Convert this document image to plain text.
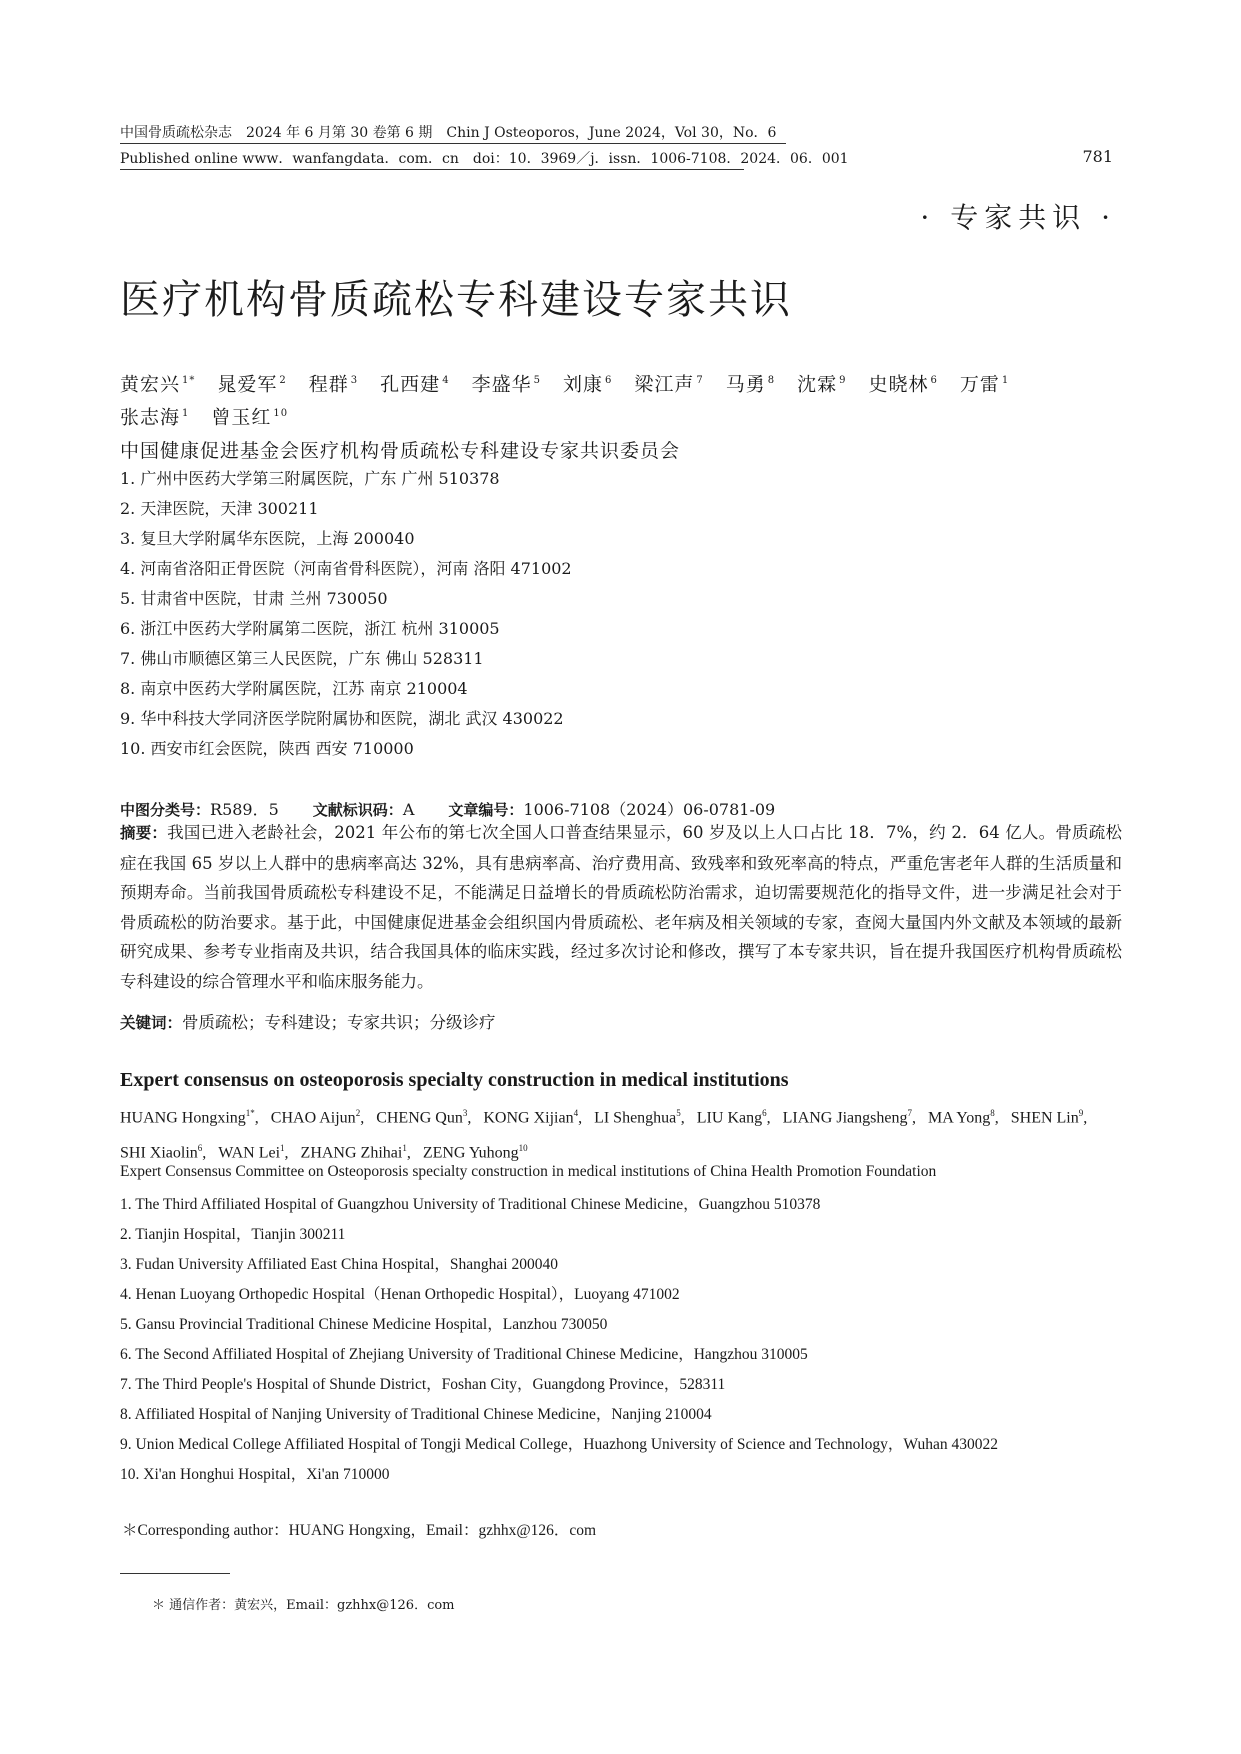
中国骨质疏松杂志　2024 年 6 月第 30 卷第 6 期　Chin J Osteoporos，June 2024，Vol 30，No．6
Published online www．wanfangdata．com．cn　doi：10．3969／j．issn．1006-7108．2024．06．001	781
· 专家共识 ·
医疗机构骨质疏松专科建设专家共识
黄宏兴 $^{1*}$ 晁爱军 $^2$ 程群 $^3$ 孔西建 $^4$ 李盛华 $^5$ 刘康 $^6$ 梁江声 $^7$ 马勇 $^8$ 沈霖 $^9$ 史晓林 $^6$ 万雷 $^1$张志海 $^1$ 曾玉红 $^{10}$
中国健康促进基金会医疗机构骨质疏松专科建设专家共识委员会
1. 广州中医药大学第三附属医院，广东 广州 510378
2. 天津医院，天津 300211
3. 复旦大学附属华东医院，上海 200040
4. 河南省洛阳正骨医院（河南省骨科医院），河南 洛阳 471002
5. 甘肃省中医院，甘肃 兰州 730050
6. 浙江中医药大学附属第二医院，浙江 杭州 310005
7. 佛山市顺德区第三人民医院，广东 佛山 528311
8. 南京中医药大学附属医院，江苏 南京 210004
9. 华中科技大学同济医学院附属协和医院，湖北 武汉 430022
10. 西安市红会医院，陕西 西安 710000
中图分类号：R589．5 文献标识码：A 文章编号：1006-7108（2024）06-0781-09
摘要：我国已进入老龄社会，2021 年公布的第七次全国人口普查结果显示，60 岁及以上人口占比 18．7%，约 2．64 亿人。骨质疏松症在我国 65 岁以上人群中的患病率高达 32%，具有患病率高、治疗费用高、致残率和致死率高的特点，严重危害老年人群的生活质量和预期寿命。当前我国骨质疏松专科建设不足，不能满足日益增长的骨质疏松防治需求，迫切需要规范化的指导文件，进一步满足社会对于骨质疏松的防治要求。基于此，中国健康促进基金会组织国内骨质疏松、老年病及相关领域的专家，查阅大量国内外文献及本领域的最新研究成果、参考专业指南及共识，结合我国具体的临床实践，经过多次讨论和修改，撰写了本专家共识，旨在提升我国医疗机构骨质疏松专科建设的综合管理水平和临床服务能力。
关键词：骨质疏松；专科建设；专家共识；分级诊疗
Expert consensus on osteoporosis specialty construction in medical institutions
HUANG Hongxing$^{1*}$, CHAO Aijun$^2$, CHENG Qun$^3$, KONG Xijian$^4$, LI Shenghua$^5$, LIU Kang$^6$, LIANG Jiangsheng$^7$, MA Yong$^8$, SHEN Lin$^9$,SHI Xiaolin$^6$, WAN Lei$^1$, ZHANG Zhihai$^1$, ZENG Yuhong$^{10}$
Expert Consensus Committee on Osteoporosis specialty construction in medical institutions of China Health Promotion Foundation
1. The Third Affiliated Hospital of Guangzhou University of Traditional Chinese Medicine，Guangzhou 510378
2. Tianjin Hospital，Tianjin 300211
3. Fudan University Affiliated East China Hospital，Shanghai 200040
4. Henan Luoyang Orthopedic Hospital（Henan Orthopedic Hospital），Luoyang 471002
5. Gansu Provincial Traditional Chinese Medicine Hospital，Lanzhou 730050
6. The Second Affiliated Hospital of Zhejiang University of Traditional Chinese Medicine，Hangzhou 310005
7. The Third People's Hospital of Shunde District，Foshan City，Guangdong Province，528311
8. Affiliated Hospital of Nanjing University of Traditional Chinese Medicine，Nanjing 210004
9. Union Medical College Affiliated Hospital of Tongji Medical College，Huazhong University of Science and Technology，Wuhan 430022
10. Xi'an Honghui Hospital，Xi'an 710000
＊Corresponding author：HUANG Hongxing，Email：gzhhx@126．com
＊ 通信作者：黄宏兴，Email：gzhhx@126．com
